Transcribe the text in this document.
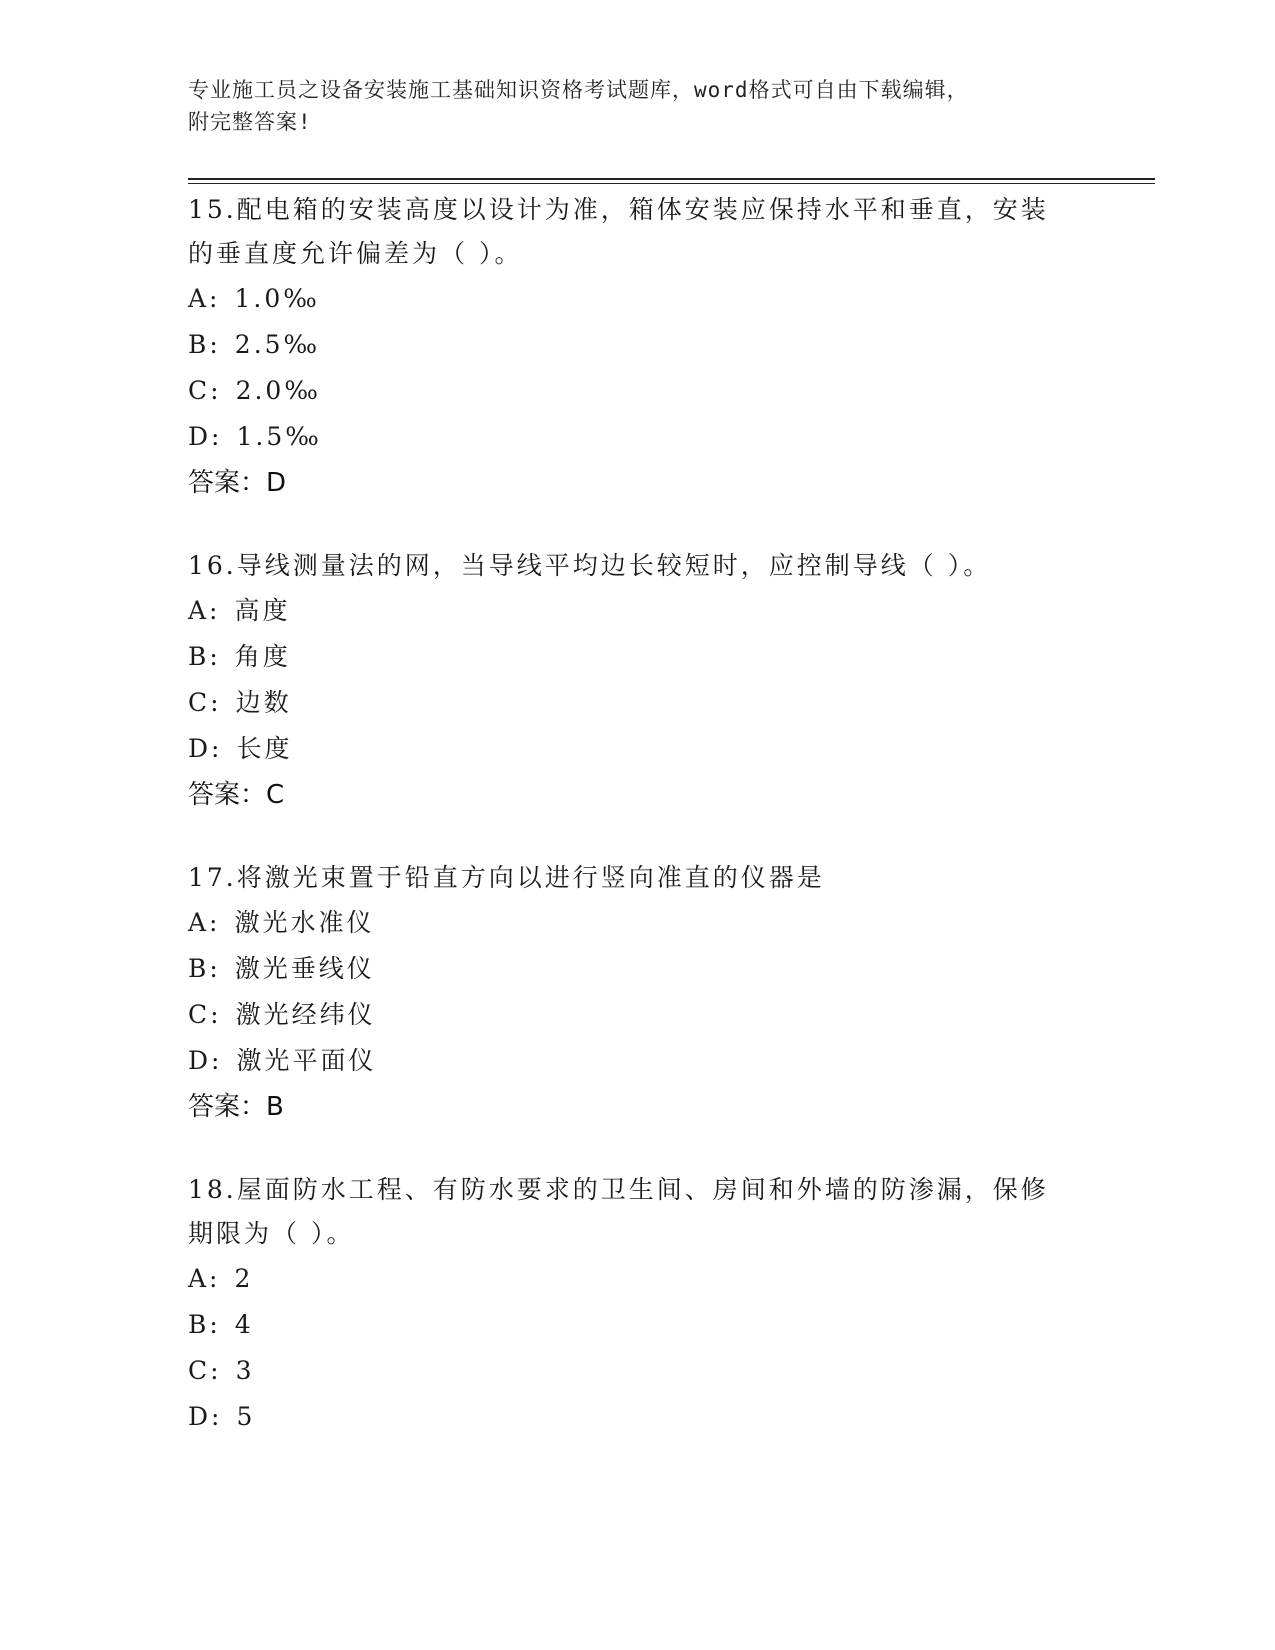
专业施工员之设备安装施工基础知识资格考试题库，word格式可自由下载编辑，
附完整答案!
15.配电箱的安装高度以设计为准，箱体安装应保持水平和垂直，安装
的垂直度允许偏差为（ ）。
A: 1.0‰
B: 2.5‰
C: 2.0‰
D: 1.5‰
答案：D
16.导线测量法的网，当导线平均边长较短时，应控制导线（ ）。
A: 高度
B: 角度
C: 边数
D: 长度
答案：C
17.将激光束置于铅直方向以进行竖向准直的仪器是
A: 激光水准仪
B: 激光垂线仪
C: 激光经纬仪
D: 激光平面仪
答案：B
18.屋面防水工程、有防水要求的卫生间、房间和外墙的防渗漏，保修
期限为（ ）。
A: 2
B: 4
C: 3
D: 5
